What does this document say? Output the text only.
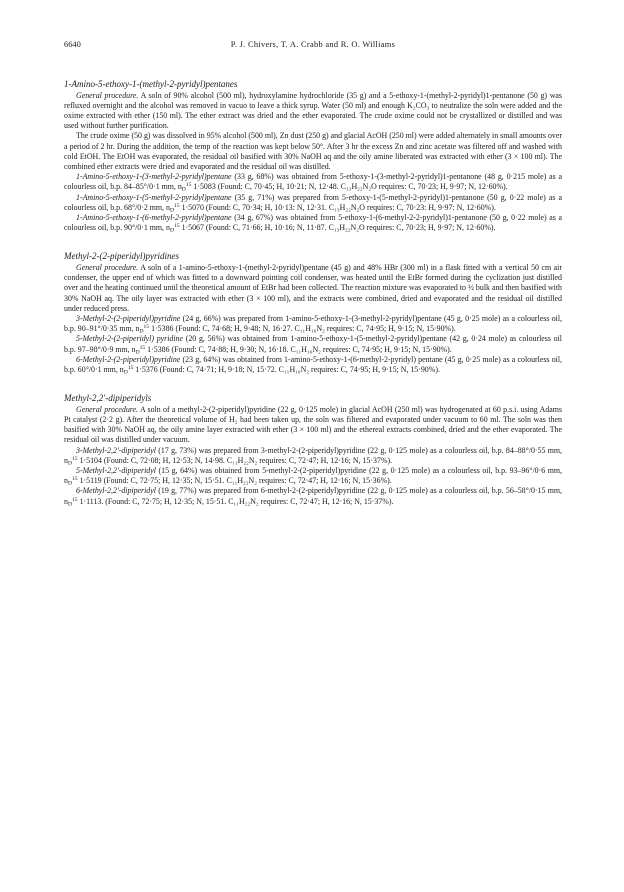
6640	P. J. Chivers, T. A. Crabb and R. O. Williams
1-Amino-5-ethoxy-1-(methyl-2-pyridyl)pentanes

General procedure. A soln of 90% alcohol (500 ml), hydroxylamine hydrochloride (35 g) and a 5-ethoxy-1-(methyl-2-pyridyl)1-pentanone (50 g) was refluxed overnight and the alcohol was removed in vacuo to leave a thick syrup. Water (50 ml) and enough K₂CO₃ to neutralize the soln were added and the oxime extracted with ether (150 ml). The ether extract was dried and the ether evaporated. The crude oxime could not be crystallized or distilled and was used without further purification.

The crude oxime (50 g) was dissolved in 95% alcohol (500 ml), Zn dust (250 g) and glacial AcOH (250 ml) were added alternately in small amounts over a period of 2 hr. During the addition, the temp of the reaction was kept below 50°. After 3 hr the excess Zn and zinc acetate was filtered off and washed with cold EtOH. The EtOH was evaporated, the residual oil basified with 30% NaOH aq and the oily amine liberated was extracted with ether (3 × 100 ml). The combined ether extracts were dried and evaporated and the residual oil was distilled.

1-Amino-5-ethoxy-1-(3-methyl-2-pyridyl)pentane (33 g, 68%) was obtained from 5-ethoxy-1-(3-methyl-2-pyridyl)1-pentanone (48 g, 0·215 mole) as a colourless oil, b.p. 84–85°/0·1 mm, $n_D^{15}$ 1·5083 (Found: C, 70·45; H, 10·21; N, 12·48. C₁₃H₂₂N₂O requires: C, 70·23; H, 9·97; N, 12·60%).

1-Amino-5-ethoxy-1-(5-methyl-2-pyridyl)pentane (35 g, 71%) was prepared from 5-ethoxy-1-(5-methyl-2-pyridyl)1-pentanone (50 g, 0·22 mole) as a colourless oil, b.p. 68°/0·2 mm, $n_D^{15}$ 1·5070 (Found: C, 70·34; H, 10·13: N, 12·31. C₁₃H₂₂N₂O requires: C, 70·23: H, 9·97: N, 12·60%).

1-Amino-5-ethoxy-1-(6-methyl-2-pyridyl)pentane (34 g, 67%) was obtained from 5-ethoxy-1-(6-methyl-2-2-pyridyl)1-pentanone (50 g, 0·22 mole) as a colourless oil, b.p. 90°/0·1 mm, $n_D^{15}$ 1·5067 (Found: C, 71·66; H, 10·16; N, 11·87. C₁₃H₂₂N₂O requires: C, 70·23; H, 9·97; N, 12·60%).

Methyl-2-(2-piperidyl)pyridines

General procedure. A soln of a 1-amino-5-ethoxy-1-(methyl-2-pyridyl)pentane (45 g) and 48% HBr (300 ml) in a flask fitted with a vertical 50 cm air condenser, the upper end of which was fitted to a downward pointing coil condenser, was heated until the EtBr formed during the cyclization just distilled over and the heating continued until the theoretical amount of EtBr had been collected. The reaction mixture was evaporated to ½ bulk and then basified with 30% NaOH aq. The oily layer was extracted with ether (3 × 100 ml), and the extracts were combined, dried and evaporated and the residual oil distilled under reduced press.

3-Methyl-2-(2-piperidyl)pyridine (24 g, 66%) was prepared from 1-amino-5-ethoxy-1-(3-methyl-2-pyridyl)pentane (45 g, 0·25 mole) as a colourless oil, b.p. 90–91°/0·35 mm, $n_D^{15}$ 1·5386 (Found: C, 74·68; H, 9·48; N, 16·27. C₁₁H₁₆N₂ requires: C, 74·95; H, 9·15; N, 15·90%).

5-Methyl-2-(2-piperidyl) pyridine (20 g, 56%) was obtained from 1-amino-5-ethoxy-1-(5-methyl-2-pyridyl)pentane (42 g, 0·24 mole) as colourless oil b.p. 97–98°/0·9 mm, $n_D^{15}$ 1·5386 (Found: C, 74·88; H, 9·30; N, 16·18. C₁₁H₁₆N₂ requires: C, 74·95; H, 9·15; N, 15·90%).

6-Methyl-2-(2-piperidyl)pyridine (23 g, 64%) was obtained from 1-amino-5-ethoxy-1-(6-methyl-2-pyridyl) pentane (45 g, 0·25 mole) as a colourless oil, b.p. 60°/0·1 mm, $n_D^{15}$ 1·5376 (Found: C, 74·71; H, 9·18; N, 15·72. C₁₁H₁₆N₂ requires: C, 74·95; H, 9·15; N, 15·90%).

Methyl-2,2′-dipiperidyls

General procedure. A soln of a methyl-2-(2-piperidyl)pyridine (22 g, 0·125 mole) in glacial AcOH (250 ml) was hydrogenated at 60 p.s.i. using Adams Pt catalyst (2·2 g). After the theoretical volume of H₂ had been taken up, the soln was filtered and evaporated under vacuum to 60 ml. The soln was then basified with 30% NaOH aq, the oily amine layer extracted with ether (3 × 100 ml) and the ethereal extracts combined, dried and the ether evaporated. The residual oil was distilled under vacuum.

3-Methyl-2,2′-dipiperidyl (17 g, 73%) was prepared from 3-methyl-2-(2-piperidyl)pyridine (22 g, 0·125 mole) as a colourless oil, b.p. 84–88°/0·55 mm, $n_D^{15}$ 1·5104 (Found: C, 72·08; H, 12·53; N, 14·98. C₁₁H₂₂N₂ requires: C, 72·47; H, 12·16; N, 15·37%).

5-Methyl-2,2′-dipiperidyl (15 g, 64%) was obtained from 5-methyl-2-(2-piperidyl)pyridine (22 g, 0·125 mole) as a colourless oil, b.p. 93–96°/0·6 mm, $n_D^{15}$ 1·5119 (Found: C, 72·75; H, 12·35; N, 15·51. C₁₁H₂₂N₂ requires: C, 72·47; H, 12·16; N, 15·36%).

6-Methyl-2,2′-dipiperidyl (19 g, 77%) was prepared from 6-methyl-2-(2-piperidyl)pyridine (22 g, 0·125 mole) as a colourless oil, b.p. 56–58°/0·15 mm, $n_D^{15}$ 1·1113. (Found: C, 72·75; H, 12·35; N, 15·51. C₁₁H₂₂N₂ requires: C, 72·47; H, 12·16; N, 15·37%).
